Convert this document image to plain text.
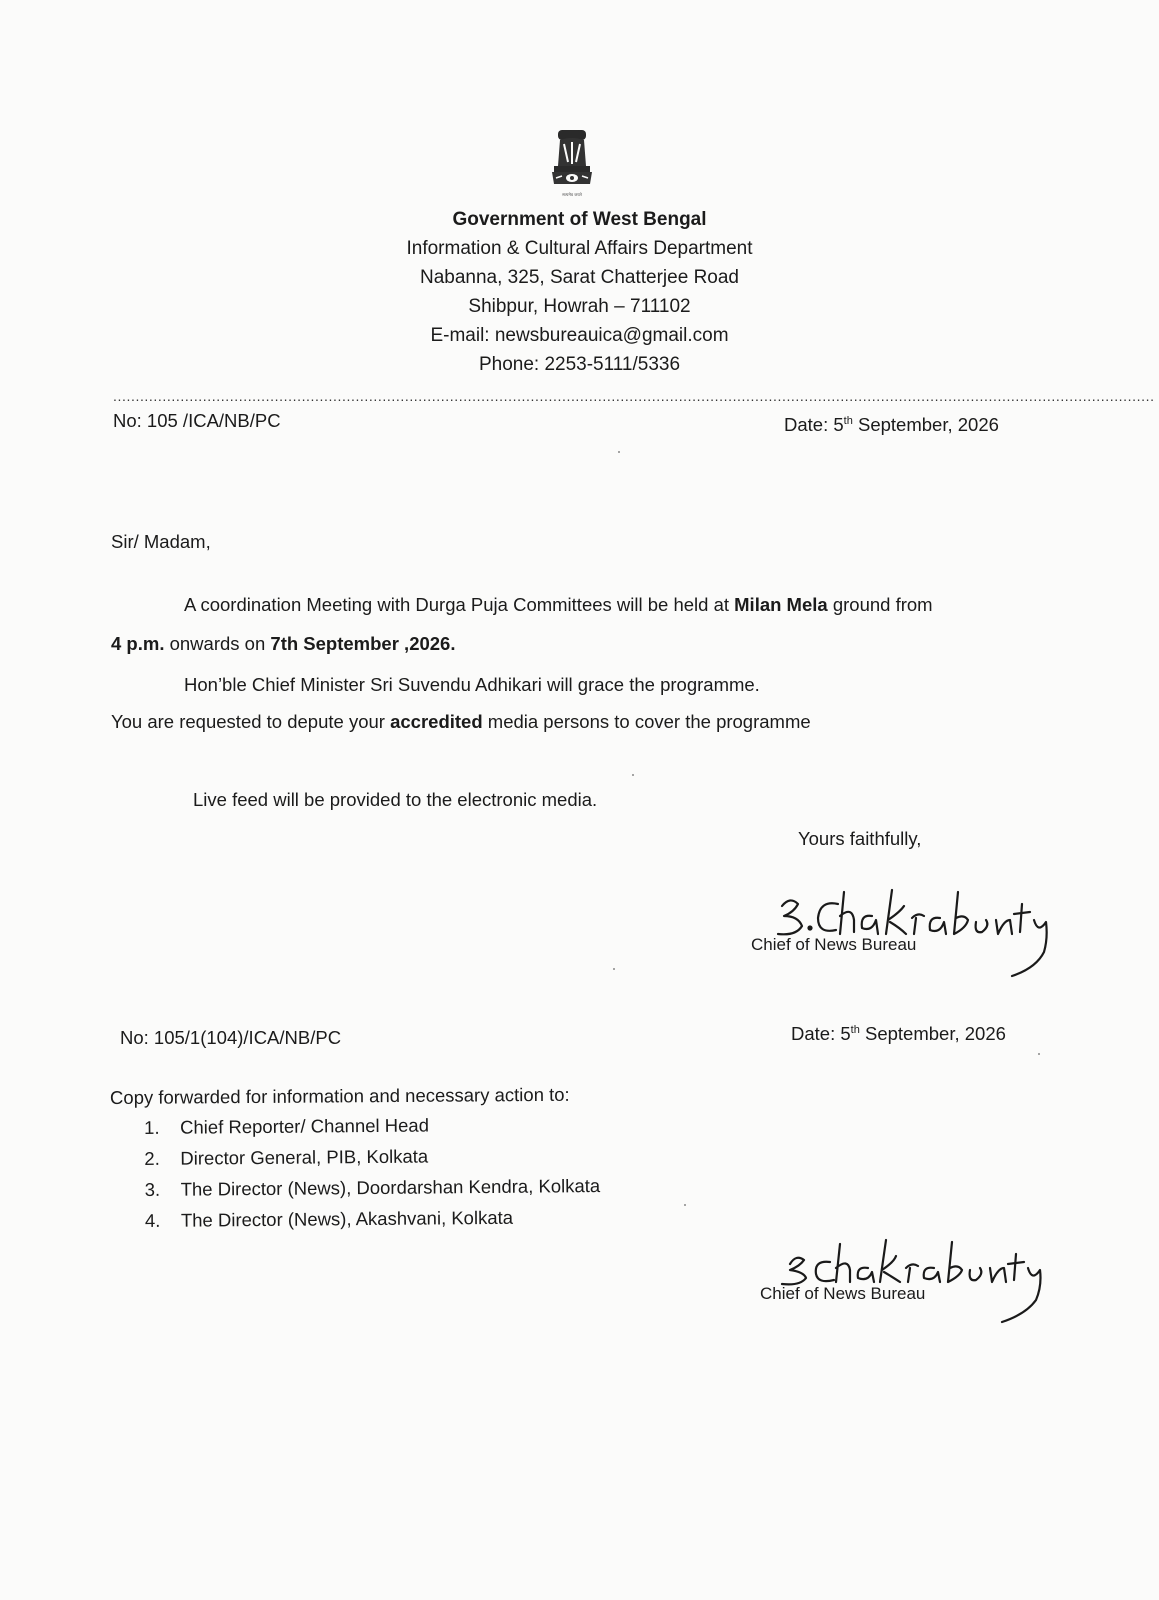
सत्यमेव जयते
Government of West Bengal
Information & Cultural Affairs Department
Nabanna, 325, Sarat Chatterjee Road
Shibpur, Howrah – 711102
E-mail: newsbureauica@gmail.com
Phone: 2253-5111/5336
........................................................................................................................................................................................................................................
No: 105 /ICA/NB/PC	Date: 5th September, 2026
Sir/ Madam,
A coordination Meeting with Durga Puja Committees will be held at Milan Mela ground from
4 p.m. onwards on 7th September ,2026.
Hon’ble Chief Minister Sri Suvendu Adhikari will grace the programme.
You are requested to depute your accredited media persons to cover the programme
Live feed will be provided to the electronic media.
Yours faithfully,
Chief of News Bureau
No: 105/1(104)/ICA/NB/PC	Date: 5th September, 2026
Copy forwarded for information and necessary action to:
1. Chief Reporter/ Channel Head
2. Director General, PIB, Kolkata
3. The Director (News), Doordarshan Kendra, Kolkata
4. The Director (News), Akashvani, Kolkata
Chief of News Bureau
